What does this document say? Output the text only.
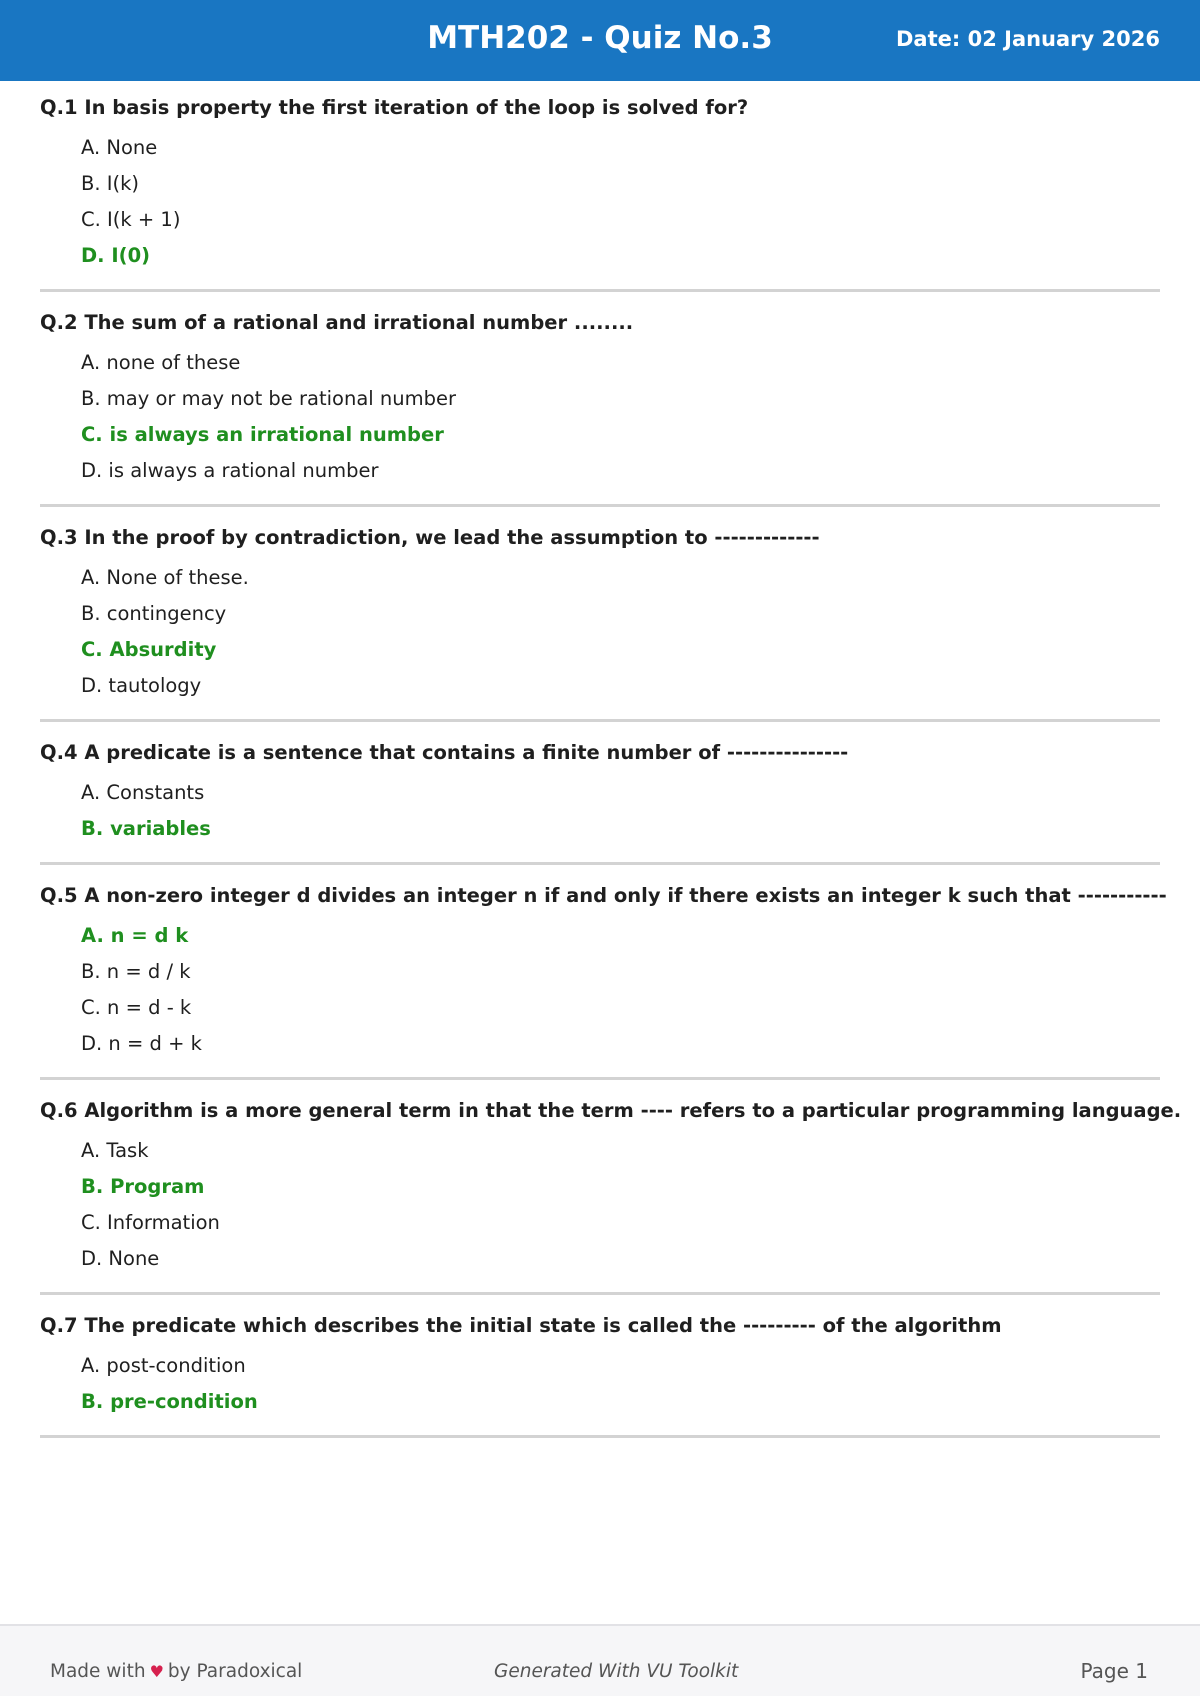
MTH202 - Quiz No.3	Date: 02 January 2026
Q.1 In basis property the first iteration of the loop is solved for?
A. None
B. I(k)
C. I(k + 1)
D. I(0)
Q.2 The sum of a rational and irrational number ........
A. none of these
B. may or may not be rational number
C. is always an irrational number
D. is always a rational number
Q.3 In the proof by contradiction, we lead the assumption to -------------
A. None of these.
B. contingency
C. Absurdity
D. tautology
Q.4 A predicate is a sentence that contains a finite number of ---------------
A. Constants
B. variables
Q.5 A non-zero integer d divides an integer n if and only if there exists an integer k such that -----------
A. n = d k
B. n = d / k
C. n = d - k
D. n = d + k
Q.6 Algorithm is a more general term in that the term ---- refers to a particular programming language.
A. Task
B. Program
C. Information
D. None
Q.7 The predicate which describes the initial state is called the --------- of the algorithm
A. post-condition
B. pre-condition
Made with ♥ by Paradoxical	Generated With VU Toolkit	Page 1
